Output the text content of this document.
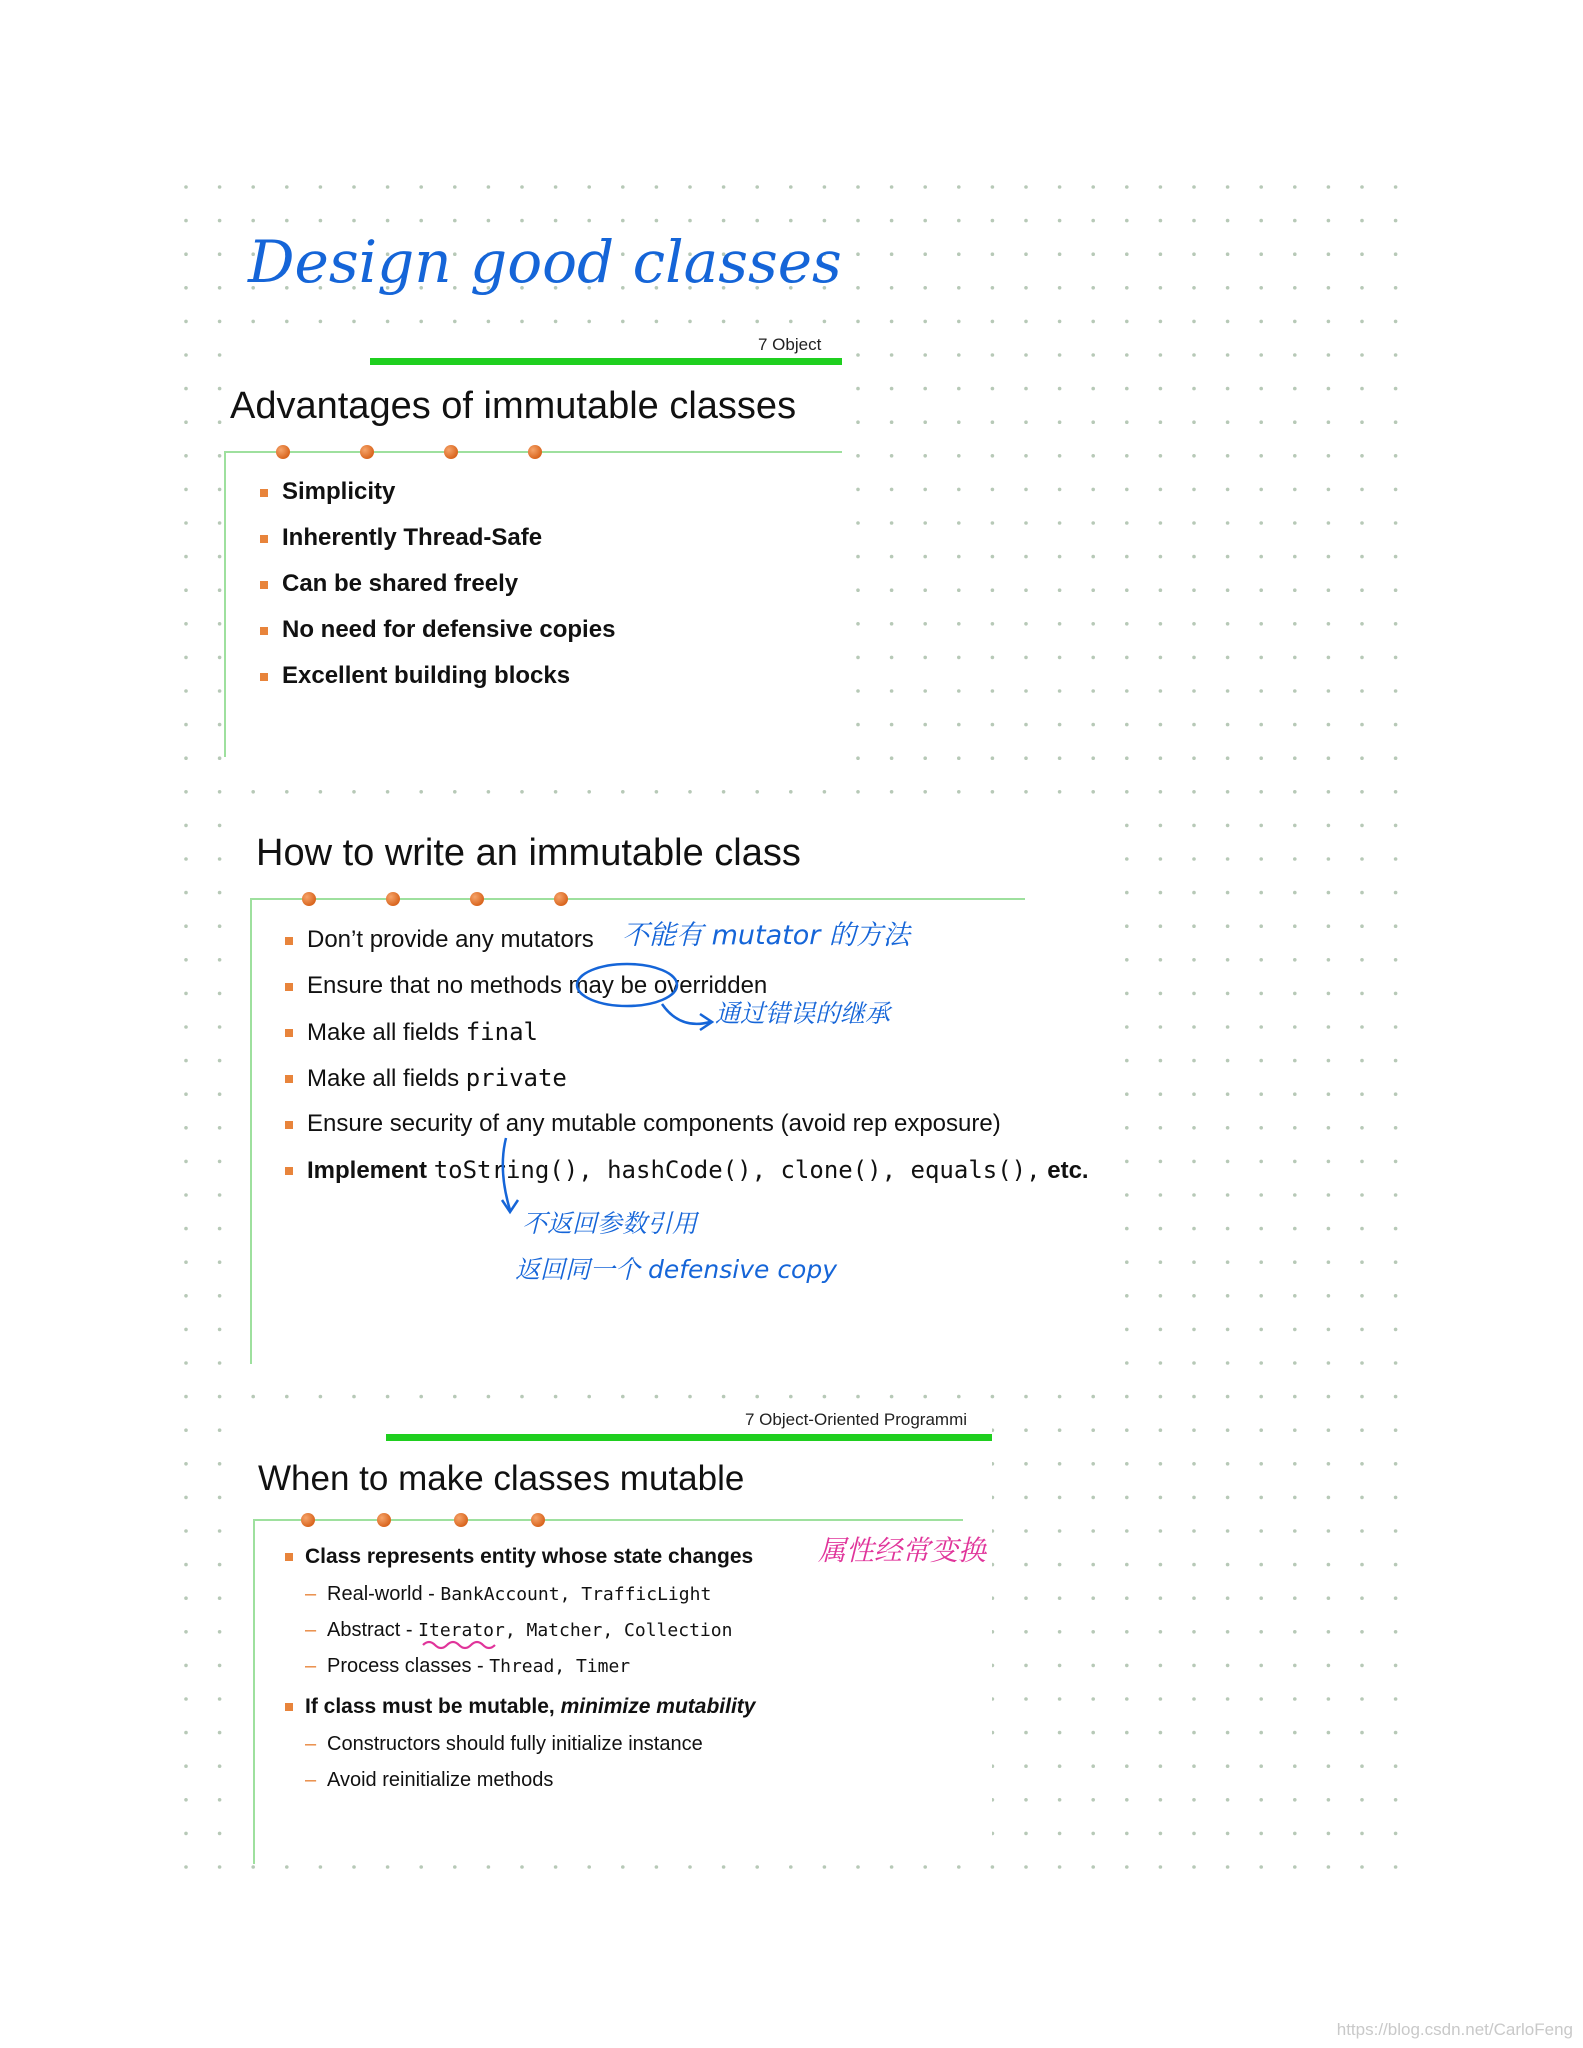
Design good classes
7 Object
Advantages of immutable classes
Simplicity
Inherently Thread-Safe
Can be shared freely
No need for defensive copies
Excellent building blocks
How to write an immutable class
Don’t provide any mutators
Ensure that no methods may be overridden
Make all fields final
Make all fields private
Ensure security of any mutable components (avoid rep exposure)
Implement toString(), hashCode(), clone(), equals(), etc.
不能有 mutator 的方法
通过错误的继承
不返回参数引用
返回同一个 defensive copy
7 Object-Oriented Programmi
When to make classes mutable
Class represents entity whose state changes
– Real-world - BankAccount, TrafficLight
– Abstract - Iterator, Matcher, Collection
– Process classes - Thread, Timer
If class must be mutable, minimize mutability
– Constructors should fully initialize instance
– Avoid reinitialize methods
属性经常变换
https://blog.csdn.net/CarloFeng
